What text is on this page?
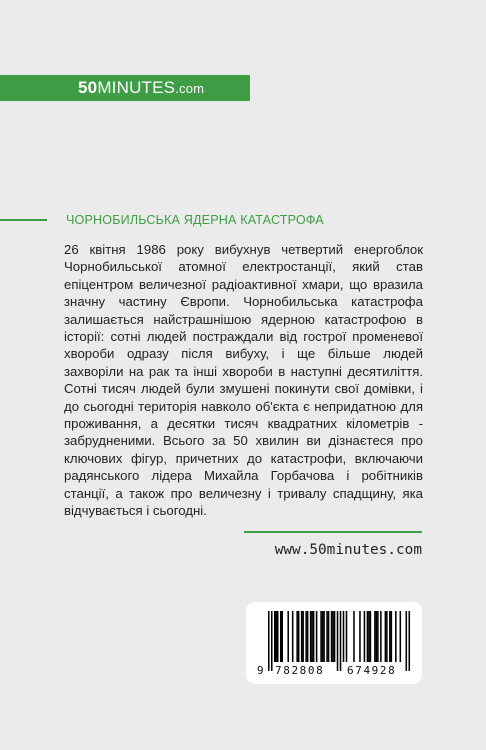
50MINUTES.com
ЧОРНОБИЛЬСЬКА ЯДЕРНА КАТАСТРОФА
26 квітня 1986 року вибухнув четвертий енергоблок Чорнобильської атомної електростанції, який став епіцентром величезної радіоактивної хмари, що вразила значну частину Європи. Чорнобильська катастрофа залишається найстрашнішою ядерною катастрофою в історії: сотні людей постраждали від гострої променевої хвороби одразу після вибуху, і ще більше людей захворіли на рак та інші хвороби в наступні десятиліття. Сотні тисяч людей були змушені покинути свої домівки, і до сьогодні територія навколо об'єкта є непридатною для проживання, а десятки тисяч квадратних кілометрів - забрудненими. Всього за 50 хвилин ви дізнаєтеся про ключових фігур, причетних до катастрофи, включаючи радянського лідера Михайла Горбачова і робітників станції, а також про величезну і тривалу спадщину, яка відчувається і сьогодні.
www.50minutes.com
9 782808 674928
